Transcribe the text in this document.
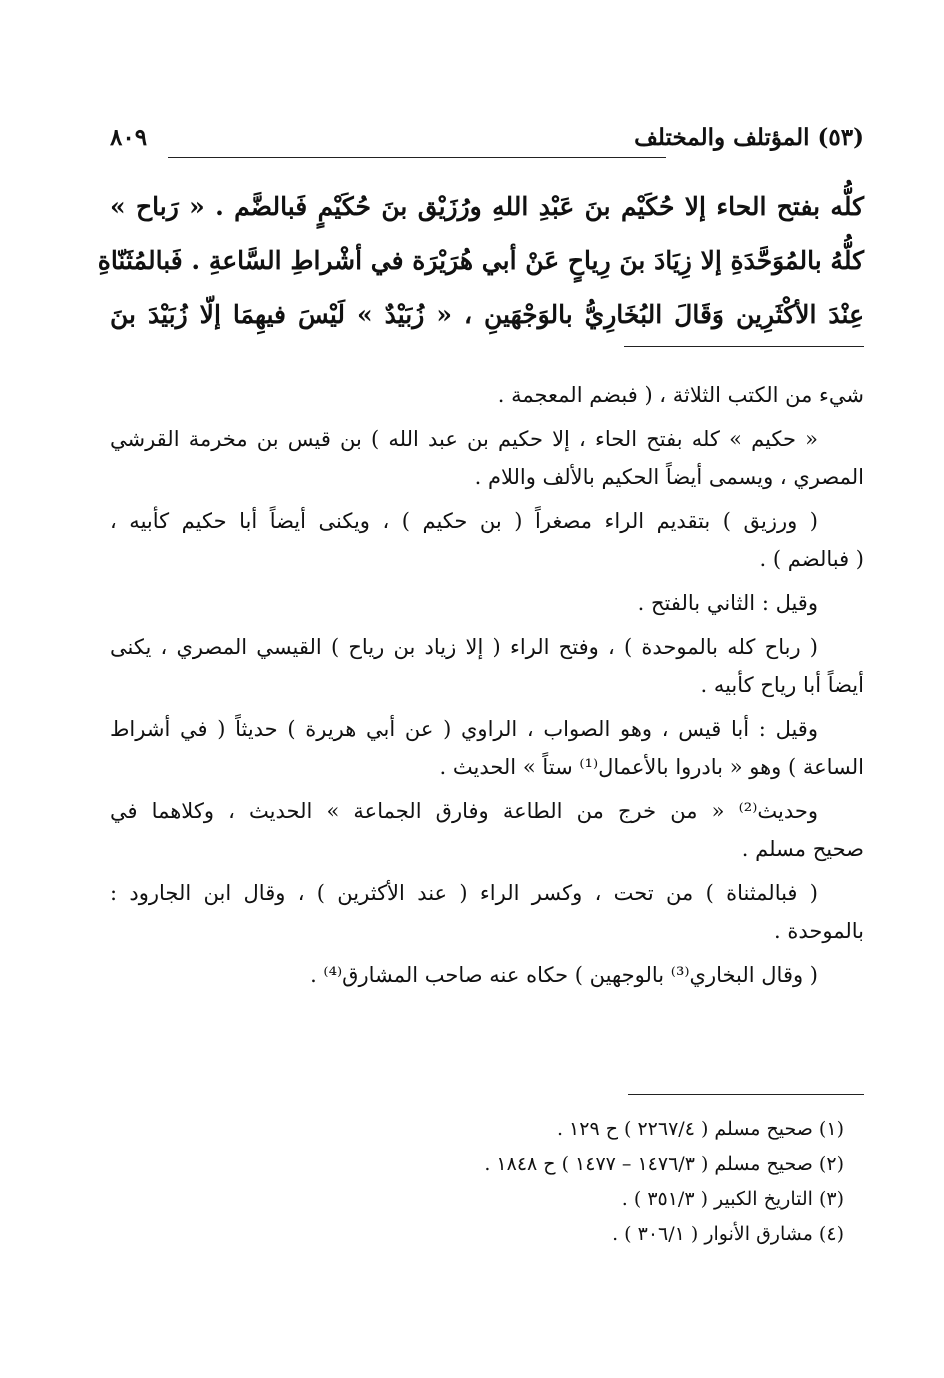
(٥٣) المؤتلف والمختلف
٨٠٩
كلُّه بفتح الحاء إلا حُكَيْم بنَ عَبْدِ اللهِ ورُزَيْق بنَ حُكَيْمٍ فَبالضَّم . « رَباح »
كلُّهُ بالمُوَحَّدَةِ إلا زِيَادَ بنَ رِياحٍ عَنْ أبي هُرَيْرَة في أشْراطِ السَّاعةِ . فَبالمُثَنّاةِ
عِنْدَ الأكْثَرِين وَقَالَ البُخَارِيُّ بالوَجْهَينِ ، « زُبَيْدٌ » لَيْسَ فيهِمَا إلّا زُبَيْدَ بنَ
شيء من الكتب الثلاثة ، ( فبضم المعجمة .
« حكيم » كله بفتح الحاء ، إلا حكيم بن عبد الله ) بن قيس بن مخرمة القرشي
المصري ، ويسمى أيضاً الحكيم بالألف واللام .
( ورزيق ) بتقديم الراء مصغراً ( بن حكيم ) ، ويكنى أيضاً أبا حكيم كأبيه ،
( فبالضم ) .
وقيل : الثاني بالفتح .
( رباح كله بالموحدة ) ، وفتح الراء ( إلا زياد بن رياح ) القيسي المصري ، يكنى
أيضاً أبا رياح كأبيه .
وقيل : أبا قيس ، وهو الصواب ، الراوي ( عن أبي هريرة ) حديثاً ( في أشراط
الساعة ) وهو « بادروا بالأعمال⁽¹⁾ ستاً » الحديث .
وحديث⁽²⁾ « من خرج من الطاعة وفارق الجماعة » الحديث ، وكلاهما في
صحيح مسلم .
( فبالمثناة ) من تحت ، وكسر الراء ( عند الأكثرين ) ، وقال ابن الجارود :
بالموحدة .
( وقال البخاري⁽³⁾ بالوجهين ) حكاه عنه صاحب المشارق⁽⁴⁾ .
(١) صحيح مسلم ( ٢٢٦٧/٤ ) ح ١٢٩ .
(٢) صحيح مسلم ( ١٤٧٦/٣ – ١٤٧٧ ) ح ١٨٤٨ .
(٣) التاريخ الكبير ( ٣٥١/٣ ) .
(٤) مشارق الأنوار ( ٣٠٦/١ ) .
